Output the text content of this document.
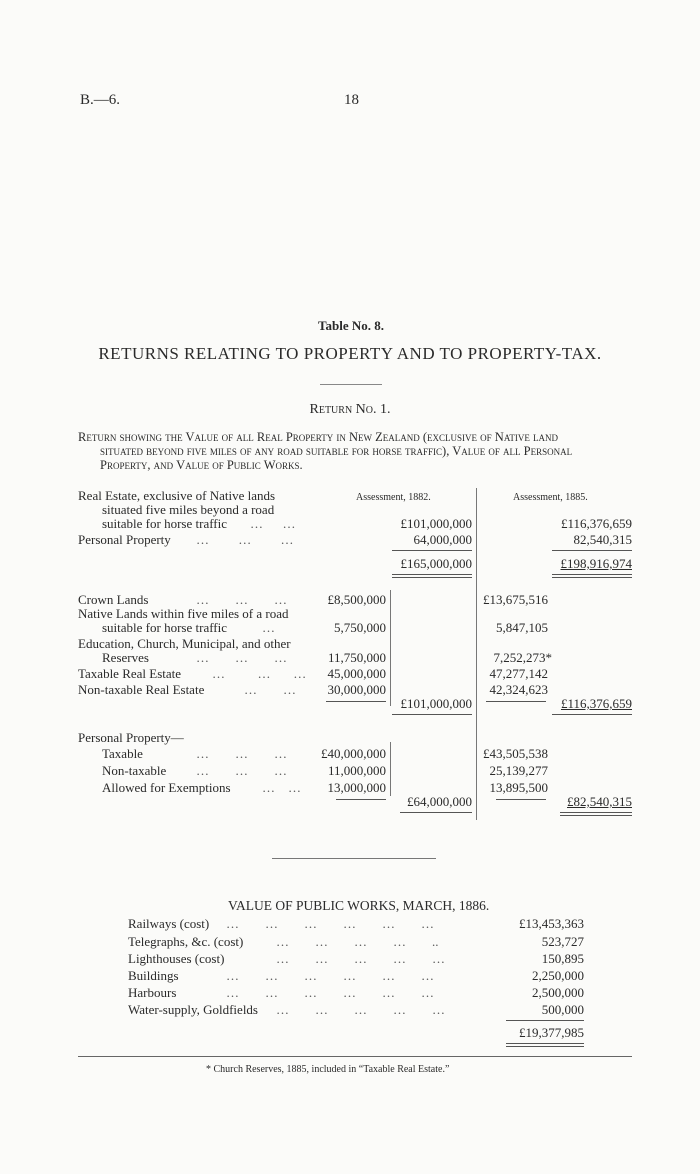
B.—6.	18
Table No. 8.
RETURNS RELATING TO PROPERTY AND TO PROPERTY-TAX.
Return No. 1.
Return showing the Value of all Real Property in New Zealand (exclusive of Native land
situated beyond five miles of any road suitable for horse traffic), Value of all Personal
Property, and Value of Public Works.
Assessment, 1882.	Assessment, 1885.
Real Estate, exclusive of Native lands
situated five miles beyond a road
suitable for horse traffic …      …	£101,000,000	£116,376,659
Personal Property …         …         …	64,000,000	82,540,315
£165,000,000	£198,916,974
Crown Lands	…        …        …	£8,500,000	£13,675,516
Native Lands within five miles of a road
suitable for horse traffic	…	5,750,000	5,847,105
Education, Church, Municipal, and other
Reserves	…        …        …	11,750,000	7,252,273*
Taxable Real Estate …          …       …	45,000,000	47,277,142
Non-taxable Real Estate	…        …	30,000,000	42,324,623
£101,000,000	£116,376,659
Personal Property—
Taxable	…        …        …	£40,000,000	£43,505,538
Non-taxable …        …        …	11,000,000	25,139,277
Allowed for Exemptions …    …	13,000,000	13,895,500
£64,000,000	£82,540,315
VALUE OF PUBLIC WORKS, MARCH, 1886.
Railways (cost) …        …        …        …        …        …	£13,453,363
Telegraphs, &c. (cost)	…        …        …        …        ..	523,727
Lighthouses (cost)	…        …        …        …        …	150,895
Buildings	…        …        …        …        …        …	2,250,000
Harbours	…        …        …        …        …        …	2,500,000
Water-supply, Goldfields …        …        …        …        …	500,000
£19,377,985
* Church Reserves, 1885, included in “Taxable Real Estate.”
